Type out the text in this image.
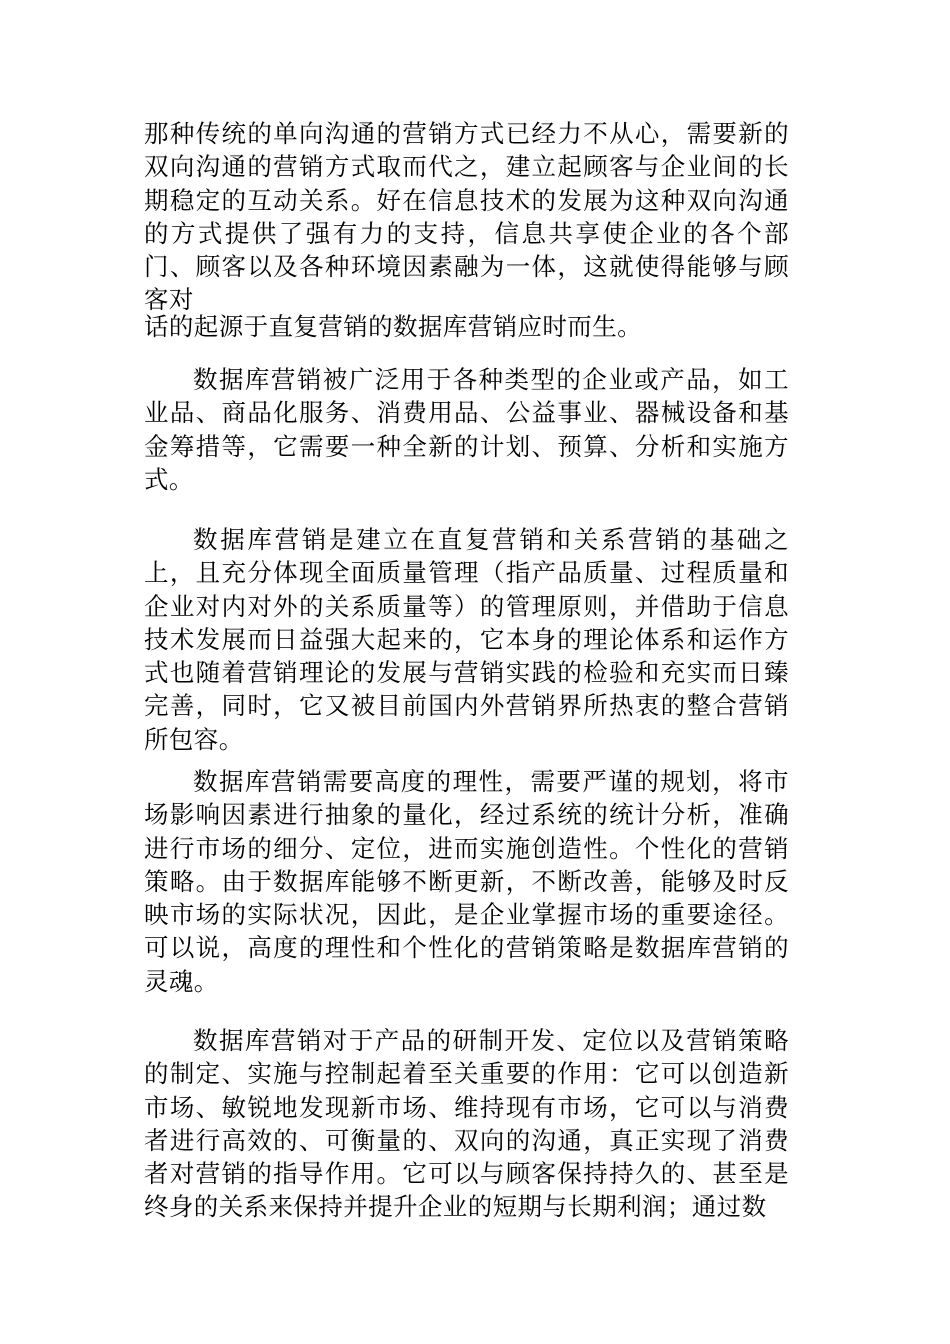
那种传统的单向沟通的营销方式已经力不从心，需要新的双向沟通的营销方式取而代之，建立起顾客与企业间的长期稳定的互动关系。好在信息技术的发展为这种双向沟通的方式提供了强有力的支持，信息共享使企业的各个部门、顾客以及各种环境因素融为一体，这就使得能够与顾客对

话的起源于直复营销的数据库营销应时而生。

数据库营销被广泛用于各种类型的企业或产品，如工业品、商品化服务、消费用品、公益事业、器械设备和基金筹措等，它需要一种全新的计划、预算、分析和实施方式。

数据库营销是建立在直复营销和关系营销的基础之上，且充分体现全面质量管理（指产品质量、过程质量和企业对内对外的关系质量等）的管理原则，并借助于信息技术发展而日益强大起来的，它本身的理论体系和运作方式也随着营销理论的发展与营销实践的检验和充实而日臻完善，同时，它又被目前国内外营销界所热衷的整合营销所包容。

数据库营销需要高度的理性，需要严谨的规划，将市场影响因素进行抽象的量化，经过系统的统计分析，准确进行市场的细分、定位，进而实施创造性。个性化的营销策略。由于数据库能够不断更新，不断改善，能够及时反映市场的实际状况，因此，是企业掌握市场的重要途径。可以说，高度的理性和个性化的营销策略是数据库营销的灵魂。

数据库营销对于产品的研制开发、定位以及营销策略的制定、实施与控制起着至关重要的作用：它可以创造新市场、敏锐地发现新市场、维持现有市场，它可以与消费者进行高效的、可衡量的、双向的沟通，真正实现了消费者对营销的指导作用。它可以与顾客保持持久的、甚至是终身的关系来保持并提升企业的短期与长期利润；通过数
